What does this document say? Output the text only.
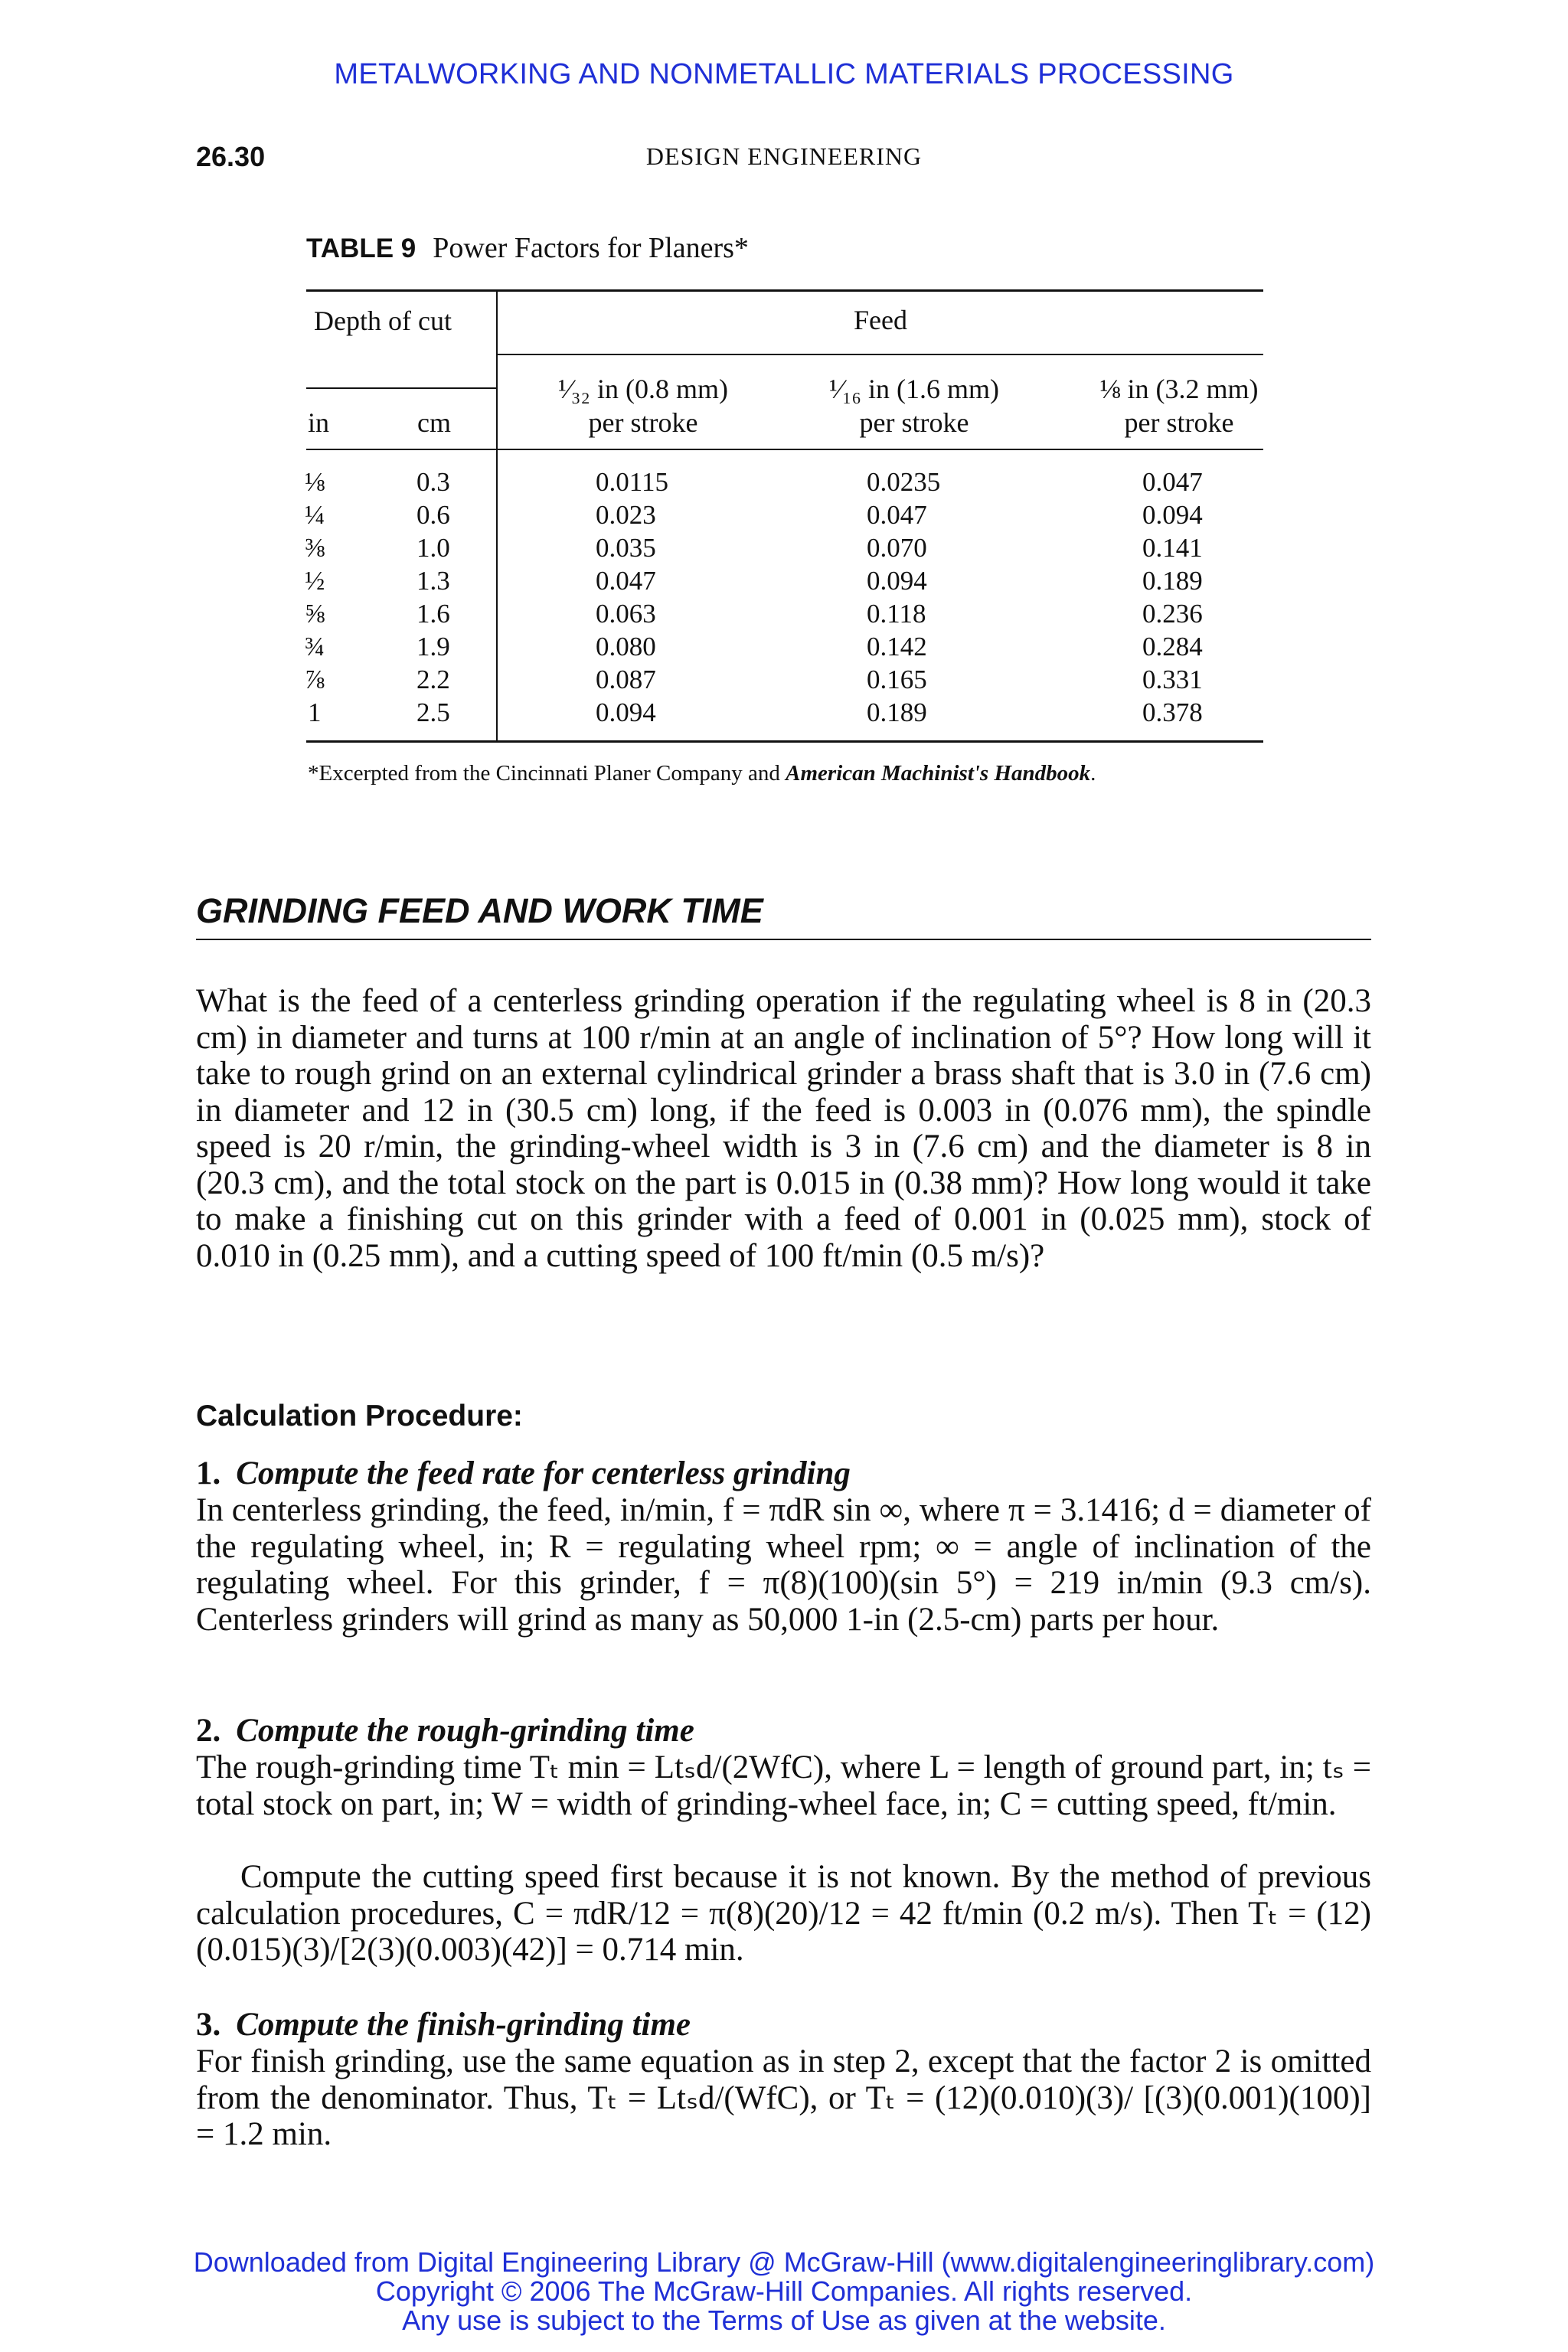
METALWORKING AND NONMETALLIC MATERIALS PROCESSING
26.30	DESIGN ENGINEERING
TABLE 9 Power Factors for Planers*
Depth of cut	Feed
in	cm
¹⁄₃₂ in (0.8 mm)
per stroke
¹⁄₁₆ in (1.6 mm)
per stroke
⅛ in (3.2 mm)
per stroke
⅛	0.3	0.0115	0.0235	0.047
¼	0.6	0.023	0.047	0.094
⅜	1.0	0.035	0.070	0.141
½	1.3	0.047	0.094	0.189
⅝	1.6	0.063	0.118	0.236
¾	1.9	0.080	0.142	0.284
⅞	2.2	0.087	0.165	0.331
1	2.5	0.094	0.189	0.378
*Excerpted from the Cincinnati Planer Company and American Machinist's Handbook.
GRINDING FEED AND WORK TIME
What is the feed of a centerless grinding operation if the regulating wheel is 8 in (20.3 cm) in diameter and turns at 100 r/min at an angle of inclination of 5°? How long will it take to rough grind on an external cylindrical grinder a brass shaft that is 3.0 in (7.6 cm) in diameter and 12 in (30.5 cm) long, if the feed is 0.003 in (0.076 mm), the spindle speed is 20 r/min, the grinding-wheel width is 3 in (7.6 cm) and the diameter is 8 in (20.3 cm), and the total stock on the part is 0.015 in (0.38 mm)? How long would it take to make a finishing cut on this grinder with a feed of 0.001 in (0.025 mm), stock of 0.010 in (0.25 mm), and a cutting speed of 100 ft/min (0.5 m/s)?
Calculation Procedure:
1. Compute the feed rate for centerless grinding
In centerless grinding, the feed, in/min, f = πdR sin ∞, where π = 3.1416; d = diameter of the regulating wheel, in; R = regulating wheel rpm; ∞ = angle of inclination of the regulating wheel. For this grinder, f = π(8)(100)(sin 5°) = 219 in/min (9.3 cm/s). Centerless grinders will grind as many as 50,000 1-in (2.5-cm) parts per hour.
2. Compute the rough-grinding time
The rough-grinding time Tₜ min = Ltₛd/(2WfC), where L = length of ground part, in; tₛ = total stock on part, in; W = width of grinding-wheel face, in; C = cutting speed, ft/min.
Compute the cutting speed first because it is not known. By the method of previous calculation procedures, C = πdR/12 = π(8)(20)/12 = 42 ft/min (0.2 m/s). Then Tₜ = (12)(0.015)(3)/[2(3)(0.003)(42)] = 0.714 min.
3. Compute the finish-grinding time
For finish grinding, use the same equation as in step 2, except that the factor 2 is omitted from the denominator. Thus, Tₜ = Ltₛd/(WfC), or Tₜ = (12)(0.010)(3)/ [(3)(0.001)(100)] = 1.2 min.
Downloaded from Digital Engineering Library @ McGraw-Hill (www.digitalengineeringlibrary.com)
Copyright © 2006 The McGraw-Hill Companies. All rights reserved.
Any use is subject to the Terms of Use as given at the website.
